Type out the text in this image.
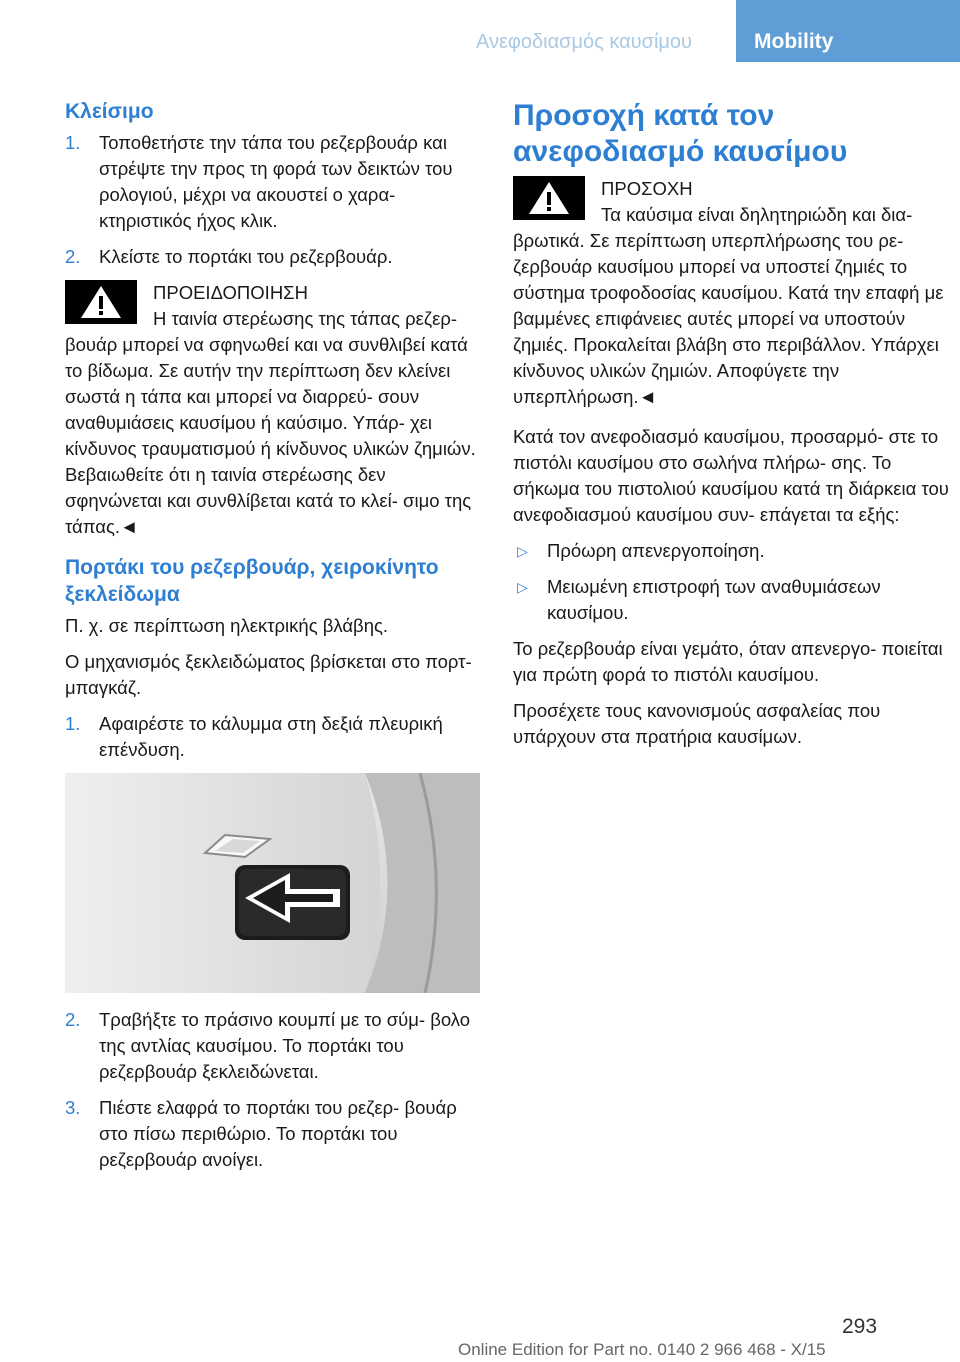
Ανεφοδιασμός καυσίμου	Mobility
Κλείσιμο
1. Τοποθετήστε την τάπα του ρεζερβουάρ και στρέψτε την προς τη φορά των δεικτών του ρολογιού, μέχρι να ακουστεί ο χαρα‐ κτηριστικός ήχος κλικ.
2. Κλείστε το πορτάκι του ρεζερβουάρ.
ΠΡΟΕΙΔΟΠΟΙΗΣΗ
Η ταινία στερέωσης της τάπας ρεζερ‐ βουάρ μπορεί να σφηνωθεί και να συνθλιβεί κατά το βίδωμα. Σε αυτήν την περίπτωση δεν κλείνει σωστά η τάπα και μπορεί να διαρρεύ‐ σουν αναθυμιάσεις καυσίμου ή καύσιμο. Υπάρ‐ χει κίνδυνος τραυματισμού ή κίνδυνος υλικών ζημιών. Βεβαιωθείτε ότι η ταινία στερέωσης δεν σφηνώνεται και συνθλίβεται κατά το κλεί‐ σιμο της τάπας.◄
Πορτάκι του ρεζερβουάρ, χειροκίνητο ξεκλείδωμα

Π. χ. σε περίπτωση ηλεκτρικής βλάβης.

Ο μηχανισμός ξεκλειδώματος βρίσκεται στο πορτ-μπαγκάζ.

1. Αφαιρέστε το κάλυμμα στη δεξιά πλευρική επένδυση.
2. Τραβήξτε το πράσινο κουμπί με το σύμ‐ βολο της αντλίας καυσίμου. Το πορτάκι του ρεζερβουάρ ξεκλειδώνεται.
3. Πιέστε ελαφρά το πορτάκι του ρεζερ‐ βουάρ στο πίσω περιθώριο. Το πορτάκι του ρεζερβουάρ ανοίγει.
Προσοχή κατά τον ανεφοδιασμό καυσίμου
ΠΡΟΣΟΧΗ
Τα καύσιμα είναι δηλητηριώδη και δια‐ βρωτικά. Σε περίπτωση υπερπλήρωσης του ρε‐ ζερβουάρ καυσίμου μπορεί να υποστεί ζημιές το σύστημα τροφοδοσίας καυσίμου. Κατά την επαφή με βαμμένες επιφάνειες αυτές μπορεί να υποστούν ζημιές. Προκαλείται βλάβη στο περιβάλλον. Υπάρχει κίνδυνος υλικών ζημιών. Αποφύγετε την υπερπλήρωση.◄

Κατά τον ανεφοδιασμό καυσίμου, προσαρμό‐ στε το πιστόλι καυσίμου στο σωλήνα πλήρω‐ σης. Το σήκωμα του πιστολιού καυσίμου κατά τη διάρκεια του ανεφοδιασμού καυσίμου συν‐ επάγεται τα εξής:

▷ Πρόωρη απενεργοποίηση.
▷ Μειωμένη επιστροφή των αναθυμιάσεων καυσίμου.

Το ρεζερβουάρ είναι γεμάτο, όταν απενεργο‐ ποιείται για πρώτη φορά το πιστόλι καυσίμου.

Προσέχετε τους κανονισμούς ασφαλείας που υπάρχουν στα πρατήρια καυσίμων.

293
Online Edition for Part no. 0140 2 966 468 - X/15
